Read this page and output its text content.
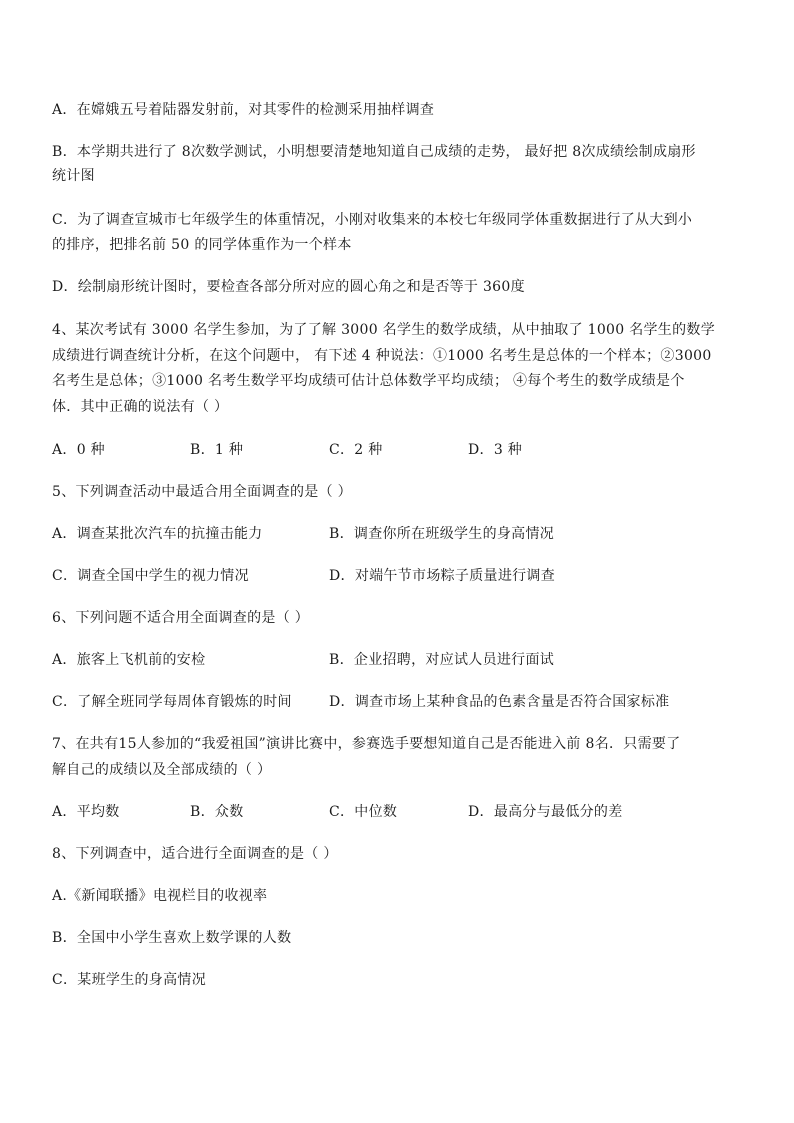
A．在嫦娥五号着陆器发射前，对其零件的检测采用抽样调查
B．本学期共进行了 8次数学测试，小明想要清楚地知道自己成绩的走势， 最好把 8次成绩绘制成扇形
统计图
C．为了调查宣城市七年级学生的体重情况，小刚对收集来的本校七年级同学体重数据进行了从大到小
的排序，把排名前 50 的同学体重作为一个样本
D．绘制扇形统计图时，要检查各部分所对应的圆心角之和是否等于 360度
4、某次考试有 3000 名学生参加，为了了解 3000 名学生的数学成绩，从中抽取了 1000 名学生的数学
成绩进行调查统计分析，在这个问题中， 有下述 4 种说法：①1000 名考生是总体的一个样本；②3000
名考生是总体；③1000 名考生数学平均成绩可估计总体数学平均成绩； ④每个考生的数学成绩是个
体．其中正确的说法有（ ）
A．0 种	B．1 种	C．2 种	D．3 种
5、下列调查活动中最适合用全面调查的是（ ）
A．调查某批次汽车的抗撞击能力	B．调查你所在班级学生的身高情况
C．调查全国中学生的视力情况	D．对端午节市场粽子质量进行调查
6、下列问题不适合用全面调查的是（ ）
A．旅客上飞机前的安检	B．企业招聘，对应试人员进行面试
C．了解全班同学每周体育锻炼的时间	D．调查市场上某种食品的色素含量是否符合国家标准
7、在共有15人参加的“我爱祖国”演讲比赛中，参赛选手要想知道自己是否能进入前 8名．只需要了
解自己的成绩以及全部成绩的（ ）
A．平均数	B．众数	C．中位数	D．最高分与最低分的差
8、下列调查中，适合进行全面调查的是（ ）
A.《新闻联播》电视栏目的收视率
B．全国中小学生喜欢上数学课的人数
C．某班学生的身高情况
